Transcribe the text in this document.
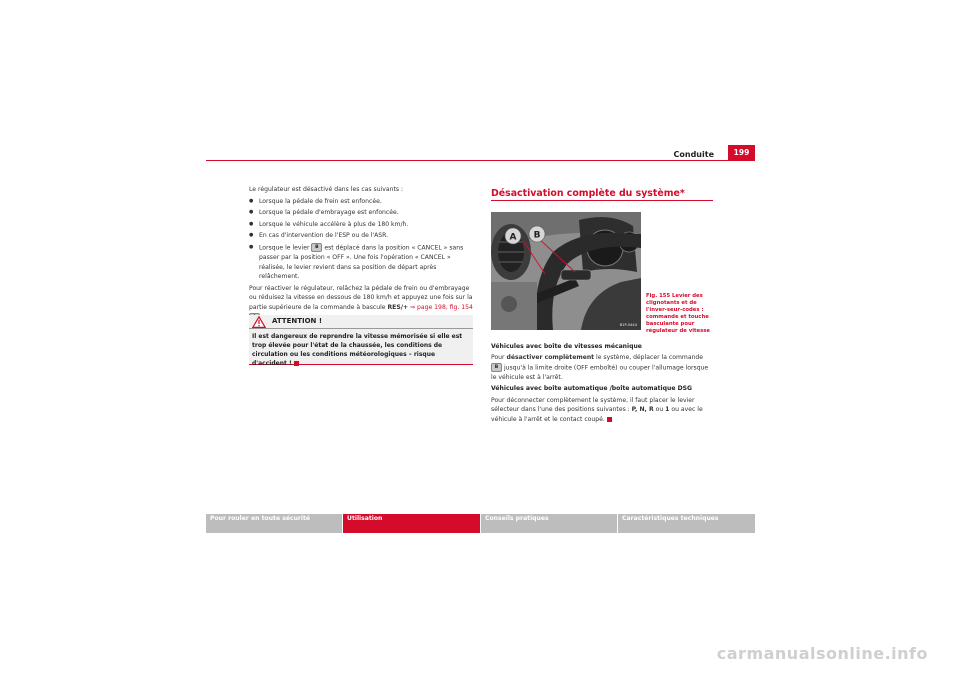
Conduite	199

Le régulateur est désactivé dans les cas suivants :

● Lorsque la pédale de frein est enfoncée.

● Lorsque la pédale d'embrayage est enfoncée.

● Lorsque le véhicule accélère à plus de 180 km/h.

● En cas d'intervention de l'ESP ou de l'ASR.

● Lorsque le levier B est déplacé dans la position « CANCEL » sans passer par la position « OFF ». Une fois l'opération « CANCEL » réalisée, le levier revient dans sa position de départ après relâchement.

Pour réactiver le régulateur, relâchez la pédale de frein ou d'embrayage ou réduisez la vitesse en dessous de 180 km/h et appuyez une fois sur la partie supérieure de la commande à bascule RES/+ ⇒ page 198, fig. 154

ATTENTION !
Il est dangereux de reprendre la vitesse mémorisée si elle est trop élevée pour l'état de la chaussée, les conditions de circulation ou les conditions météorologiques – risque d'accident !
Désactivation complète du système*
A B
B1P-0444
Fig. 155 Levier des clignotants et de l'inver-seur-codes : commande et touche basculante pour régulateur de vitesse

Véhicules avec boîte de vitesses mécanique

Pour désactiver complètement le système, déplacer la commande B jusqu'à la limite droite (OFF emboîté) ou couper l'allumage lorsque le véhicule est à l'arrêt.

Véhicules avec boîte automatique /boîte automatique DSG

Pour déconnecter complètement le système, il faut placer le levier sélecteur dans l'une des positions suivantes : P, N, R ou 1 ou avec le véhicule à l'arrêt et le contact coupé.

Pour rouler en toute sécurité	Utilisation	Conseils pratiques	Caractéristiques techniques
carmanualsonline.info
